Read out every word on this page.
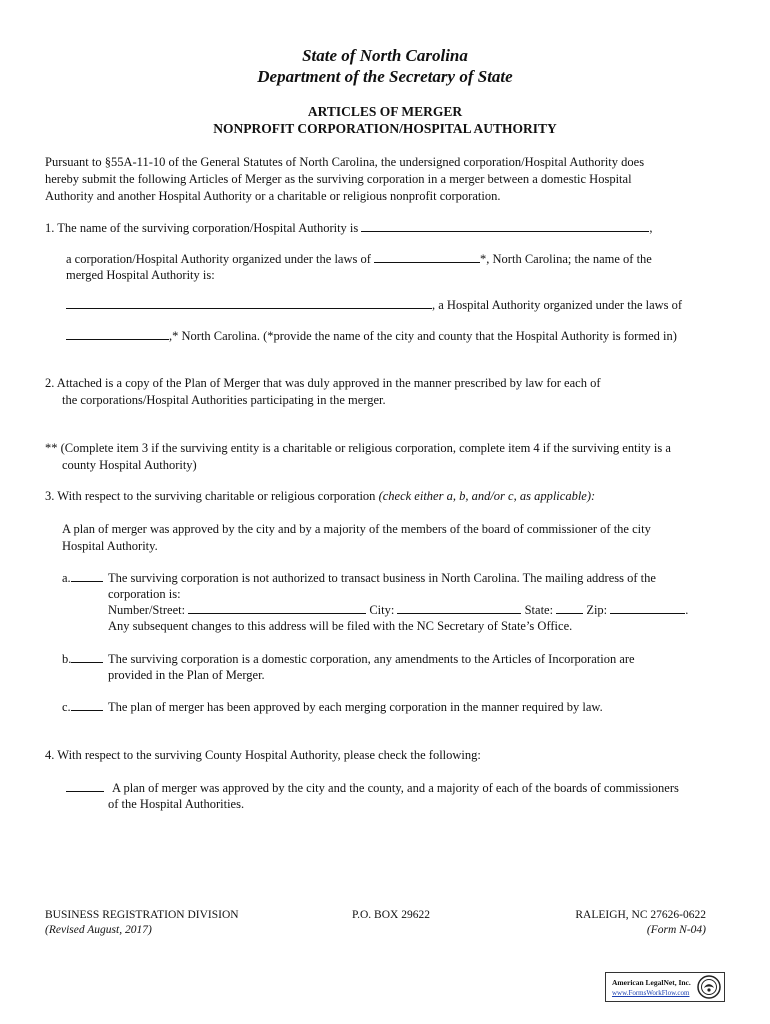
State of North Carolina
Department of the Secretary of State
ARTICLES OF MERGER
NONPROFIT CORPORATION/HOSPITAL AUTHORITY
Pursuant to §55A-11-10 of the General Statutes of North Carolina, the undersigned corporation/Hospital Authority does
hereby submit the following Articles of Merger as the surviving corporation in a merger between a domestic Hospital
Authority and another Hospital Authority or a charitable or religious nonprofit corporation.
1. The name of the surviving corporation/Hospital Authority is	,
a corporation/Hospital Authority organized under the laws of	*, North Carolina; the name of the
merged Hospital Authority is:
, a Hospital Authority organized under the laws of
,* North Carolina. (*provide the name of the city and county that the Hospital Authority is formed in)
2. Attached is a copy of the Plan of Merger that was duly approved in the manner prescribed by law for each of
the corporations/Hospital Authorities participating in the merger.
** (Complete item 3 if the surviving entity is a charitable or religious corporation, complete item 4 if the surviving entity is a
county Hospital Authority)
3. With respect to the surviving charitable or religious corporation (check either a, b, and/or c, as applicable):
A plan of merger was approved by the city and by a majority of the members of the board of commissioner of the city
Hospital Authority.
a.	The surviving corporation is not authorized to transact business in North Carolina. The mailing address of the
corporation is:
Number/Street:	City:	State:	Zip:	.
Any subsequent changes to this address will be filed with the NC Secretary of State’s Office.
b.	The surviving corporation is a domestic corporation, any amendments to the Articles of Incorporation are
provided in the Plan of Merger.
c.	The plan of merger has been approved by each merging corporation in the manner required by law.
4. With respect to the surviving County Hospital Authority, please check the following:
A plan of merger was approved by the city and the county, and a majority of each of the boards of commissioners
of the Hospital Authorities.
BUSINESS REGISTRATION DIVISION
(Revised August, 2017)
P.O. BOX 29622	RALEIGH, NC 27626-0622
(Form N-04)
American LegalNet, Inc.
www.FormsWorkFlow.com
